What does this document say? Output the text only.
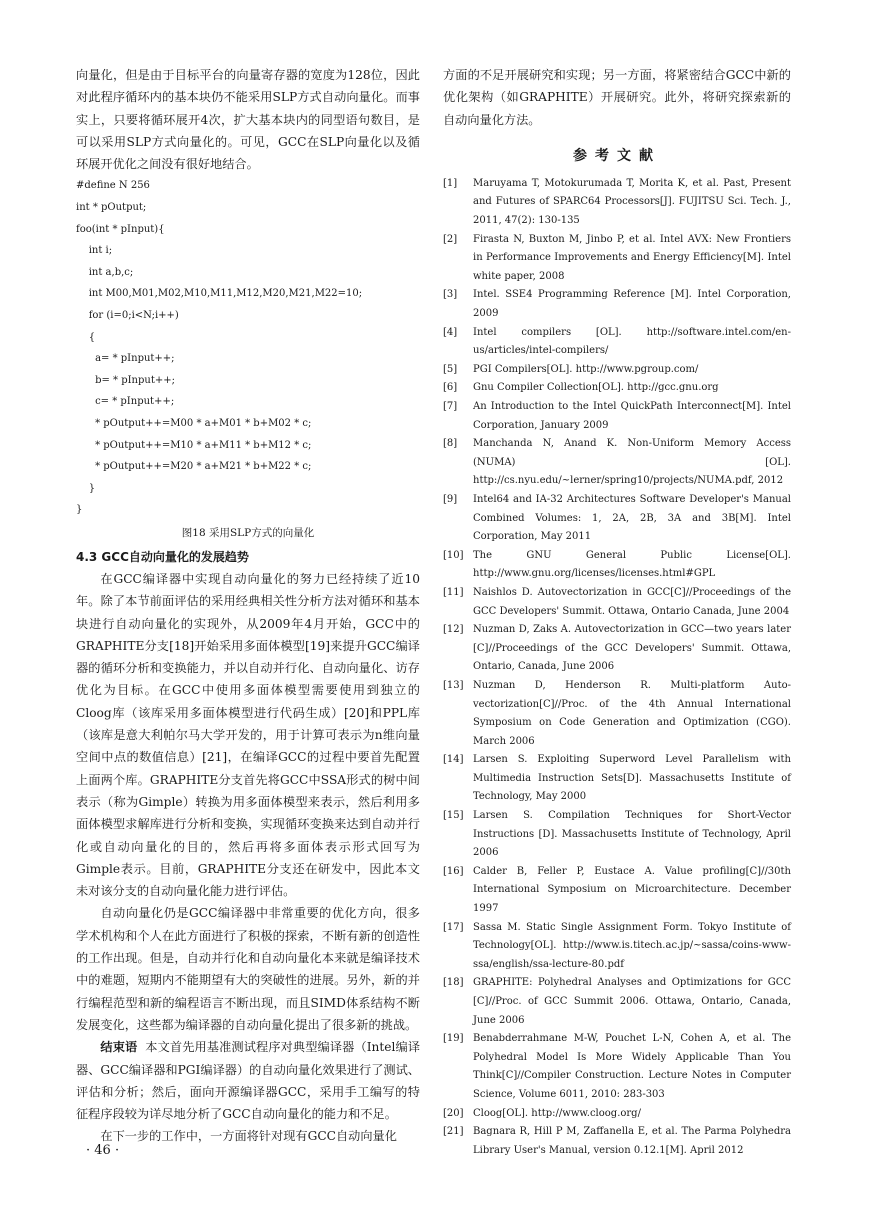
向量化，但是由于目标平台的向量寄存器的宽度为128位，因此对此程序循环内的基本块仍不能采用SLP方式自动向量化。而事实上，只要将循环展开4次，扩大基本块内的同型语句数目，是可以采用SLP方式向量化的。可见，GCC在SLP向量化以及循环展开优化之间没有很好地结合。

#define N 256
int * pOutput;
foo(int * pInput){
int i;
int a,b,c;
int M00,M01,M02,M10,M11,M12,M20,M21,M22=10;
for (i=0;i<N;i++)
{
a= * pInput++;
b= * pInput++;
c= * pInput++;
* pOutput++=M00 * a+M01 * b+M02 * c;
* pOutput++=M10 * a+M11 * b+M12 * c;
* pOutput++=M20 * a+M21 * b+M22 * c;
}
}

图18 采用SLP方式的向量化

4.3 GCC自动向量化的发展趋势

在GCC编译器中实现自动向量化的努力已经持续了近10年。除了本节前面评估的采用经典相关性分析方法对循环和基本块进行自动向量化的实现外，从2009年4月开始，GCC中的GRAPHITE分支[18]开始采用多面体模型[19]来提升GCC编译器的循环分析和变换能力，并以自动并行化、自动向量化、访存优化为目标。在GCC中使用多面体模型需要使用到独立的Cloog库（该库采用多面体模型进行代码生成）[20]和PPL库（该库是意大利帕尔马大学开发的，用于计算可表示为n维向量空间中点的数值信息）[21]，在编译GCC的过程中要首先配置上面两个库。GRAPHITE分支首先将GCC中SSA形式的树中间表示（称为Gimple）转换为用多面体模型来表示，然后利用多面体模型求解库进行分析和变换，实现循环变换来达到自动并行化或自动向量化的目的，然后再将多面体表示形式回写为Gimple表示。目前，GRAPHITE分支还在研发中，因此本文未对该分支的自动向量化能力进行评估。

自动向量化仍是GCC编译器中非常重要的优化方向，很多学术机构和个人在此方面进行了积极的探索，不断有新的创造性的工作出现。但是，自动并行化和自动向量化本来就是编译技术中的难题，短期内不能期望有大的突破性的进展。另外，新的并行编程范型和新的编程语言不断出现，而且SIMD体系结构不断发展变化，这些都为编译器的自动向量化提出了很多新的挑战。

结束语 本文首先用基准测试程序对典型编译器（Intel编译器、GCC编译器和PGI编译器）的自动向量化效果进行了测试、评估和分析；然后，面向开源编译器GCC，采用手工编写的特征程序段较为详尽地分析了GCC自动向量化的能力和不足。

在下一步的工作中，一方面将针对现有GCC自动向量化

方面的不足开展研究和实现；另一方面，将紧密结合GCC中新的优化架构（如GRAPHITE）开展研究。此外，将研究探索新的自动向量化方法。

参考文献

[1]	Maruyama T, Motokurumada T, Morita K, et al. Past, Present and Futures of SPARC64 Processors[J]. FUJITSU Sci. Tech. J., 2011, 47(2): 130-135
[2]	Firasta N, Buxton M, Jinbo P, et al. Intel AVX: New Frontiers in Performance Improvements and Energy Efficiency[M]. Intel white paper, 2008
[3]	Intel. SSE4 Programming Reference [M]. Intel Corporation, 2009
[4]	Intel compilers [OL]. http://software.intel.com/en-us/articles/intel-compilers/
[5]	PGI Compilers[OL]. http://www.pgroup.com/
[6]	Gnu Compiler Collection[OL]. http://gcc.gnu.org
[7]	An Introduction to the Intel QuickPath Interconnect[M]. Intel Corporation, January 2009
[8]	Manchanda N, Anand K. Non-Uniform Memory Access (NUMA) [OL]. http://cs.nyu.edu/~lerner/spring10/projects/NUMA.pdf, 2012
[9]	Intel64 and IA-32 Architectures Software Developer's Manual Combined Volumes: 1, 2A, 2B, 3A and 3B[M]. Intel Corporation, May 2011
[10] The GNU General Public License[OL]. http://www.gnu.org/licenses/licenses.html#GPL
[11] Naishlos D. Autovectorization in GCC[C]//Proceedings of the GCC Developers' Summit. Ottawa, Ontario Canada, June 2004
[12] Nuzman D, Zaks A. Autovectorization in GCC—two years later [C]//Proceedings of the GCC Developers' Summit. Ottawa, Ontario, Canada, June 2006
[13] Nuzman D, Henderson R. Multi-platform Auto-vectorization[C]//Proc. of the 4th Annual International Symposium on Code Generation and Optimization (CGO). March 2006
[14] Larsen S. Exploiting Superword Level Parallelism with Multimedia Instruction Sets[D]. Massachusetts Institute of Technology, May 2000
[15] Larsen S. Compilation Techniques for Short-Vector Instructions [D]. Massachusetts Institute of Technology, April 2006
[16] Calder B, Feller P, Eustace A. Value profiling[C]//30th International Symposium on Microarchitecture. December 1997
[17] Sassa M. Static Single Assignment Form. Tokyo Institute of Technology[OL]. http://www.is.titech.ac.jp/~sassa/coins-www-ssa/english/ssa-lecture-80.pdf
[18] GRAPHITE: Polyhedral Analyses and Optimizations for GCC [C]//Proc. of GCC Summit 2006. Ottawa, Ontario, Canada, June 2006
[19] Benabderrahmane M-W, Pouchet L-N, Cohen A, et al. The Polyhedral Model Is More Widely Applicable Than You Think[C]//Compiler Construction. Lecture Notes in Computer Science, Volume 6011, 2010: 283-303
[20] Cloog[OL]. http://www.cloog.org/
[21] Bagnara R, Hill P M, Zaffanella E, et al. The Parma Polyhedra Library User's Manual, version 0.12.1[M]. April 2012
· 46 ·
